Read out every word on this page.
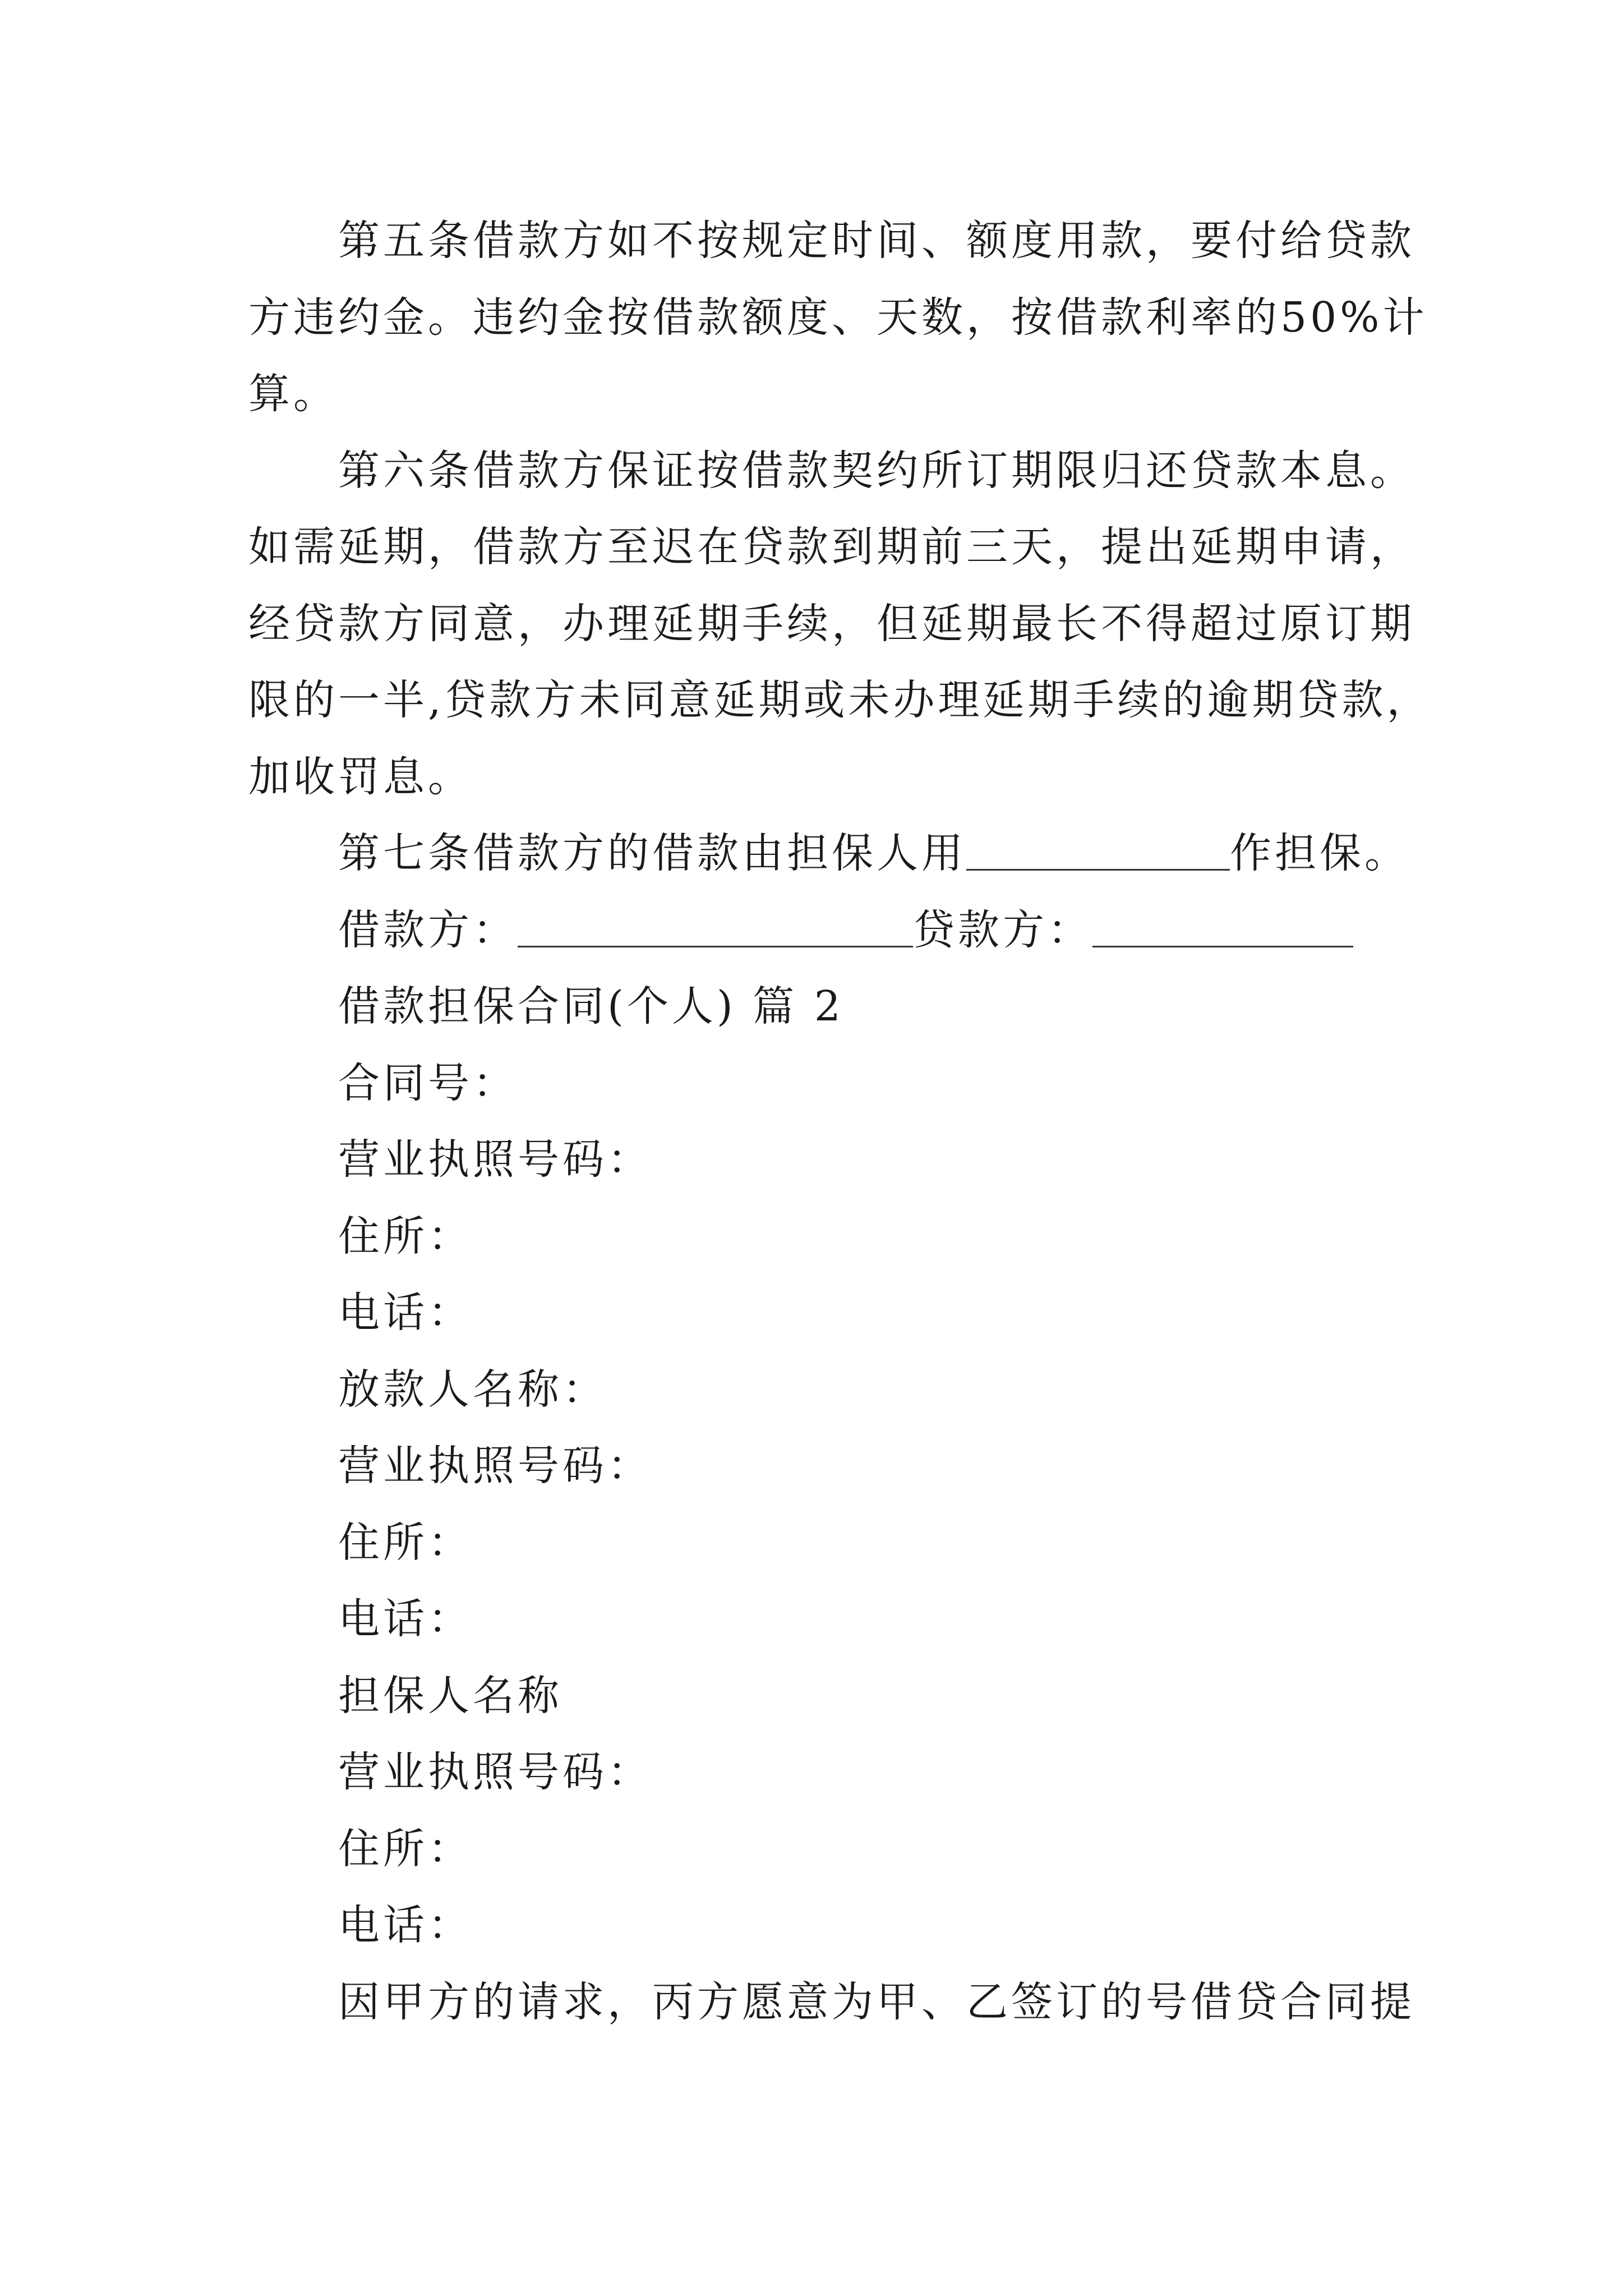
第五条借款方如不按规定时间、额度用款，要付给贷款
方违约金。违约金按借款额度、天数，按借款利率的50%计
算。
第六条借款方保证按借款契约所订期限归还贷款本息。
如需延期，借款方至迟在贷款到期前三天，提出延期申请，
经贷款方同意，办理延期手续，但延期最长不得超过原订期
限的一半,贷款方未同意延期或未办理延期手续的逾期贷款，
加收罚息。
第七条借款方的借款由担保人用	作担保。
借款方：	贷款方：
借款担保合同(个人) 篇 2
合同号：
营业执照号码：
住所：
电话：
放款人名称：
营业执照号码：
住所：
电话：
担保人名称
营业执照号码：
住所：
电话：
因甲方的请求，丙方愿意为甲、乙签订的号借贷合同提
